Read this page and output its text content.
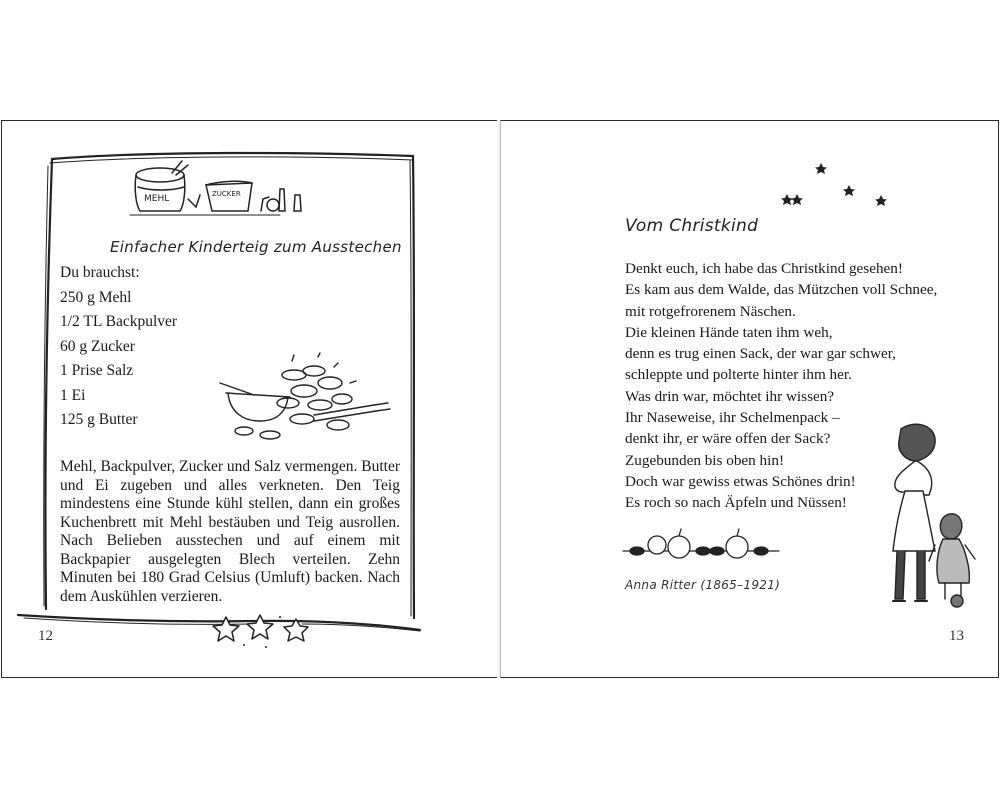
MEHL	ZUCKER
Einfacher Kinderteig zum Ausstechen
Du brauchst:
250 g Mehl
1/2 TL Backpulver
60 g Zucker
1 Prise Salz
1 Ei
125 g Butter

Mehl, Backpulver, Zucker und Salz vermengen. Butter und Ei zugeben und alles verkneten. Den Teig mindestens eine Stunde kühl stellen, dann ein großes Kuchenbrett mit Mehl bestäuben und Teig ausrollen. Nach Belieben ausstechen und auf einem mit Backpapier ausgelegten Blech verteilen. Zehn Minuten bei 180 Grad Celsius (Umluft) backen. Nach dem Auskühlen verzieren.

12
Vom Christkind
Denkt euch, ich habe das Christkind gesehen!
Es kam aus dem Walde, das Mützchen voll Schnee,
mit rotgefrorenem Näschen.
Die kleinen Hände taten ihm weh,
denn es trug einen Sack, der war gar schwer,
schleppte und polterte hinter ihm her.
Was drin war, möchtet ihr wissen?
Ihr Naseweise, ihr Schelmenpack –
denkt ihr, er wäre offen der Sack?
Zugebunden bis oben hin!
Doch war gewiss etwas Schönes drin!
Es roch so nach Äpfeln und Nüssen!
Anna Ritter (1865–1921)
13
